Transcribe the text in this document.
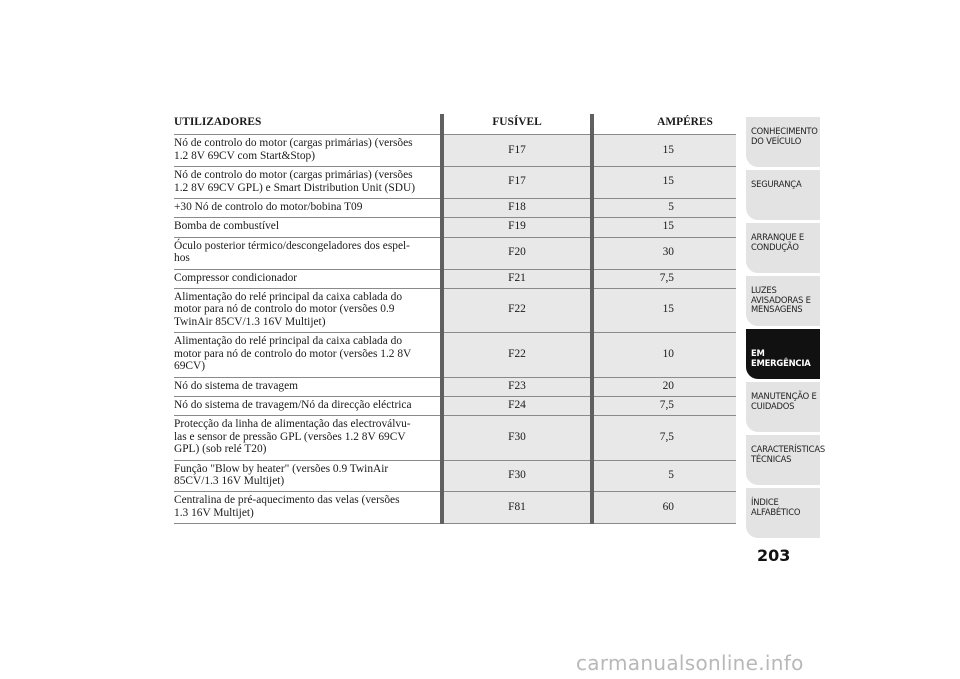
UTILIZADORES	FUSÍVEL	AMPÉRES
Nó de controlo do motor (cargas primárias) (versões
1.2 8V 69CV com Start&Stop)	F17	15
Nó de controlo do motor (cargas primárias) (versões
1.2 8V 69CV GPL) e Smart Distribution Unit (SDU)	F17	15
+30 Nó de controlo do motor/bobina T09	F18	5
Bomba de combustível	F19	15
Óculo posterior térmico/descongeladores dos espel-
hos	F20	30
Compressor condicionador	F21	7,5
Alimentação do relé principal da caixa cablada do
motor para nó de controlo do motor (versões 0.9
TwinAir 85CV/1.3 16V Multijet)	F22	15
Alimentação do relé principal da caixa cablada do
motor para nó de controlo do motor (versões 1.2 8V
69CV)	F22	10
Nó do sistema de travagem	F23	20
Nó do sistema de travagem/Nó da direcção eléctrica	F24	7,5
Protecção da linha de alimentação das electroválvu-
las e sensor de pressão GPL (versões 1.2 8V 69CV
GPL) (sob relé T20)	F30	7,5
Função "Blow by heater" (versões 0.9 TwinAir
85CV/1.3 16V Multijet)	F30	5
Centralina de pré-aquecimento das velas (versões
1.3 16V Multijet)	F81	60
CONHECIMENTO
DO VEÍCULO
SEGURANÇA
ARRANQUE E
CONDUÇÃO
LUZES
AVISADORAS E
MENSAGENS
EM EMERGÊNCIA
MANUTENÇÃO E
CUIDADOS
CARACTERÍSTICAS
TÉCNICAS
ÍNDICE
ALFABÉTICO
203
carmanualsonline.info
